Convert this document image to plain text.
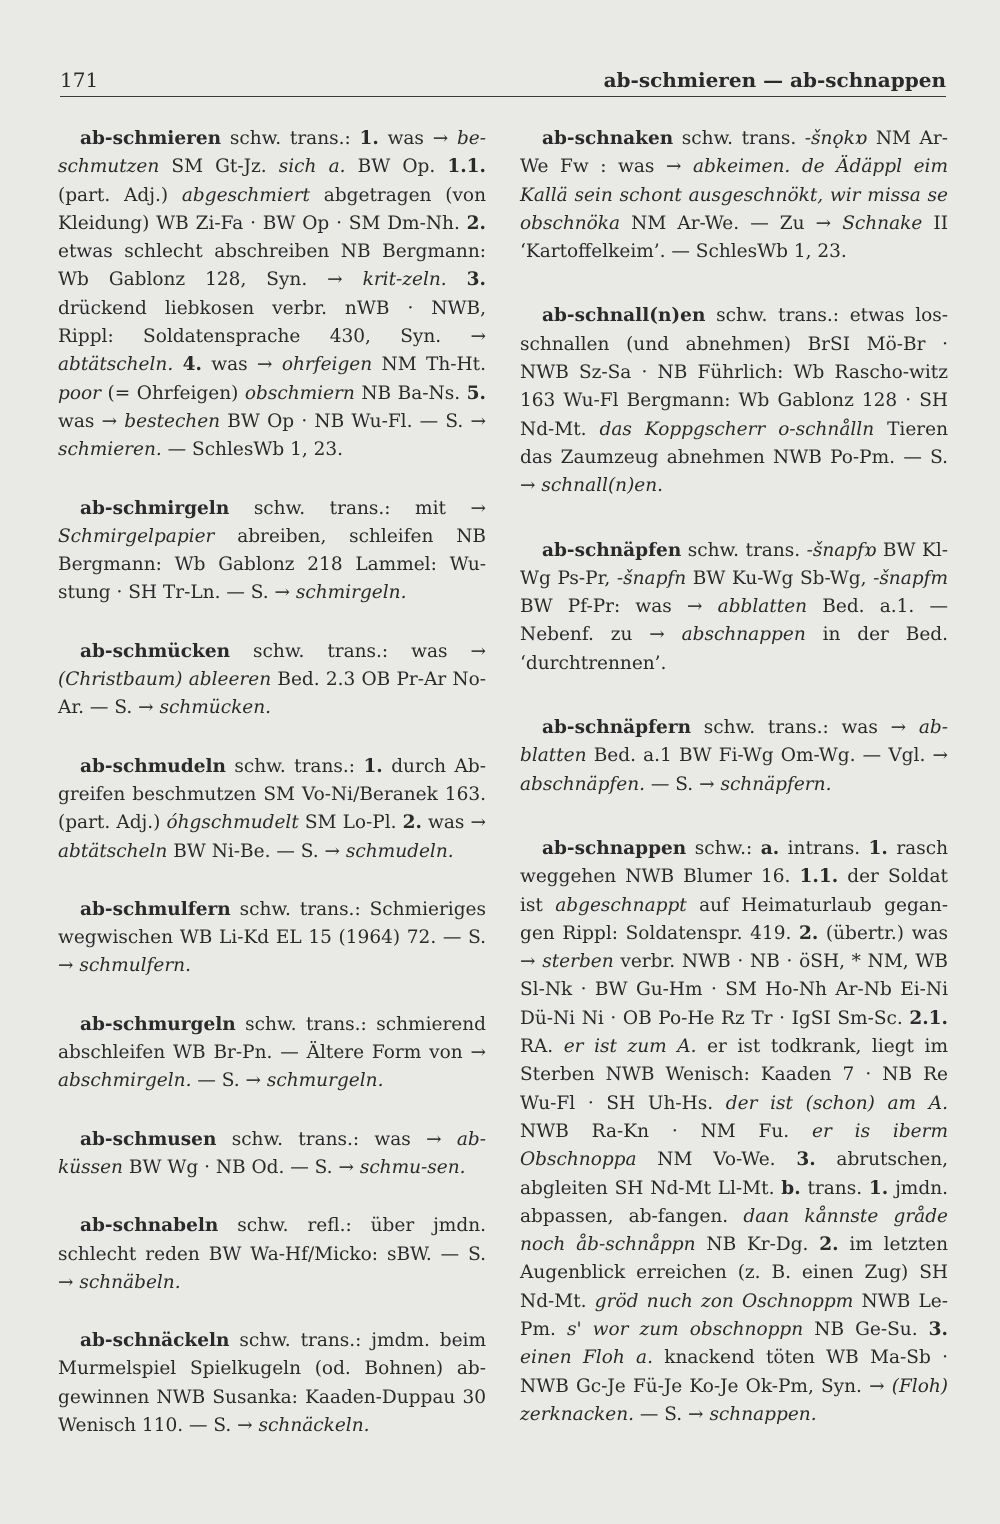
171	ab-schmieren — ab-schnappen

ab-schmieren schw. trans.: 1. was → be-schmutzen SM Gt-Jz. sich a. BW Op. 1.1. (part. Adj.) abgeschmiert abgetragen (von Kleidung) WB Zi-Fa · BW Op · SM Dm-Nh. 2. etwas schlecht abschreiben NB Bergmann: Wb Gablonz 128, Syn. → krit-zeln. 3. drückend liebkosen verbr. nWB · NWB, Rippl: Soldatensprache 430, Syn. → abtätscheln. 4. was → ohrfeigen NM Th-Ht. poor (= Ohrfeigen) obschmiern NB Ba-Ns. 5. was → bestechen BW Op · NB Wu-Fl. — S. → schmieren. — SchlesWb 1, 23.

ab-schmirgeln schw. trans.: mit → Schmirgelpapier abreiben, schleifen NB Bergmann: Wb Gablonz 218 Lammel: Wu-stung · SH Tr-Ln. — S. → schmirgeln.

ab-schmücken schw. trans.: was → (Christbaum) ableeren Bed. 2.3 OB Pr-Ar No-Ar. — S. → schmücken.

ab-schmudeln schw. trans.: 1. durch Ab-greifen beschmutzen SM Vo-Ni/Beranek 163. (part. Adj.) óhgschmudelt SM Lo-Pl. 2. was → abtätscheln BW Ni-Be. — S. → schmudeln.

ab-schmulfern schw. trans.: Schmieriges wegwischen WB Li-Kd EL 15 (1964) 72. — S. → schmulfern.

ab-schmurgeln schw. trans.: schmierend abschleifen WB Br-Pn. — Ältere Form von → abschmirgeln. — S. → schmurgeln.

ab-schmusen schw. trans.: was → ab-küssen BW Wg · NB Od. — S. → schmu-sen.

ab-schnabeln schw. refl.: über jmdn. schlecht reden BW Wa-Hf/Micko: sBW. — S. → schnäbeln.

ab-schnäckeln schw. trans.: jmdm. beim Murmelspiel Spielkugeln (od. Bohnen) ab-gewinnen NWB Susanka: Kaaden-Duppau 30 Wenisch 110. — S. → schnäckeln.

ab-schnaken schw. trans. -šnǫkɒ NM Ar-We Fw : was → abkeimen. de Ädäppl eim Kallä sein schont ausgeschnökt, wir missa se obschnöka NM Ar-We. — Zu → Schnake II ‘Kartoffelkeim’. — SchlesWb 1, 23.

ab-schnall(n)en schw. trans.: etwas los-schnallen (und abnehmen) BrSI Mö-Br · NWB Sz-Sa · NB Führlich: Wb Rascho-witz 163 Wu-Fl Bergmann: Wb Gablonz 128 · SH Nd-Mt. das Koppgscherr o-schnålln Tieren das Zaumzeug abnehmen NWB Po-Pm. — S. → schnall(n)en.

ab-schnäpfen schw. trans. -šnapfɒ BW Kl-Wg Ps-Pr, -šnapfn BW Ku-Wg Sb-Wg, -šnapfm BW Pf-Pr: was → abblatten Bed. a.1. — Nebenf. zu → abschnappen in der Bed. ‘durchtrennen’.

ab-schnäpfern schw. trans.: was → ab-blatten Bed. a.1 BW Fi-Wg Om-Wg. — Vgl. → abschnäpfen. — S. → schnäpfern.

ab-schnappen schw.: a. intrans. 1. rasch weggehen NWB Blumer 16. 1.1. der Soldat ist abgeschnappt auf Heimaturlaub gegan-gen Rippl: Soldatenspr. 419. 2. (übertr.) was → sterben verbr. NWB · NB · öSH, * NM, WB Sl-Nk · BW Gu-Hm · SM Ho-Nh Ar-Nb Ei-Ni Dü-Ni Ni · OB Po-He Rz Tr · IgSI Sm-Sc. 2.1. RA. er ist zum A. er ist todkrank, liegt im Sterben NWB Wenisch: Kaaden 7 · NB Re Wu-Fl · SH Uh-Hs. der ist (schon) am A. NWB Ra-Kn · NM Fu. er is iberm Obschnoppa NM Vo-We. 3. abrutschen, abgleiten SH Nd-Mt Ll-Mt. b. trans. 1. jmdn. abpassen, ab-fangen. daan kånnste gråde noch åb-schnåppn NB Kr-Dg. 2. im letzten Augenblick erreichen (z. B. einen Zug) SH Nd-Mt. gröd nuch zon Oschnoppm NWB Le-Pm. s' wor zum obschnoppn NB Ge-Su. 3. einen Floh a. knackend töten WB Ma-Sb · NWB Gc-Je Fü-Je Ko-Je Ok-Pm, Syn. → (Floh) zerknacken. — S. → schnappen.
